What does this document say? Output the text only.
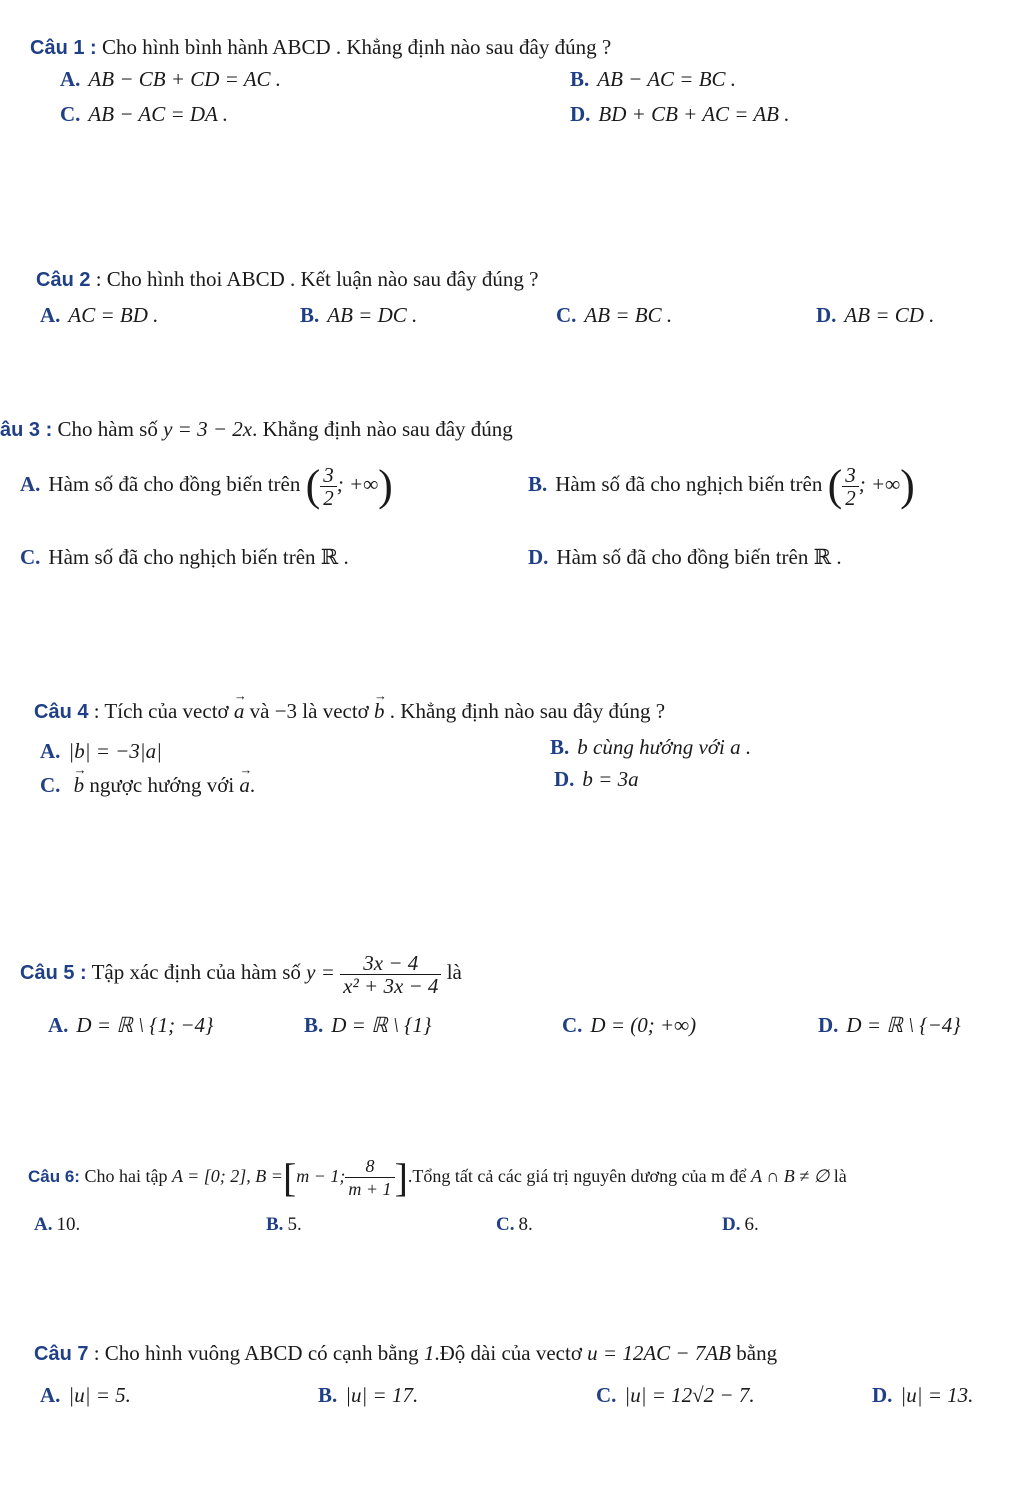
Câu 1 : Cho hình bình hành ABCD . Khẳng định nào sau đây đúng ?
A. AB − CB + CD = AC .	B. AB − AC = BC .
C. AB − AC = DA .	D. BD + CB + AC = AB .
Câu 2 : Cho hình thoi ABCD . Kết luận nào sau đây đúng ?
A. AC = BD .	B. AB = DC .	C. AB = BC .	D. AB = CD .
âu 3 : Cho hàm số y = 3 − 2x. Khẳng định nào sau đây đúng
A. Hàm số đã cho đồng biến trên ( $\frac{3}{2}$ ; +∞)	B. Hàm số đã cho nghịch biến trên ( $\frac{3}{2}$ ; +∞)
C. Hàm số đã cho nghịch biến trên ℝ .	D. Hàm số đã cho đồng biến trên ℝ .
Câu 4 : Tích của vectơ a → và −3 là vectơ b → . Khẳng định nào sau đây đúng ?
A. |b| = −3|a|	B. b cùng hướng với a .
C. b → ngược hướng với a →.	D. b = 3a
Câu 5 : Tập xác định của hàm số $y = \frac{3x - 4}{\text{x² + 3x − 4}}$ là
A. D = ℝ \ {1; −4}	B. D = ℝ \ {1}	C. D = (0; +∞)	D. D = ℝ \ {−4}
Câu 6: Cho hai tập A = [0; 2], B =[m − 1; $\frac{8}{m + 1}$ ].Tổng tất cả các giá trị nguyên dương của m để A ∩ B ≠ ∅ là
A. 10.	B. 5.	C. 8.	D. 6.
Câu 7 : Cho hình vuông ABCD có cạnh bằng 1.Độ dài của vectơ u = 12AC − 7AB bằng
A. |u| = 5.	B. |u| = 17.	C. |u| = 12√2 − 7.	D. |u| = 13.
